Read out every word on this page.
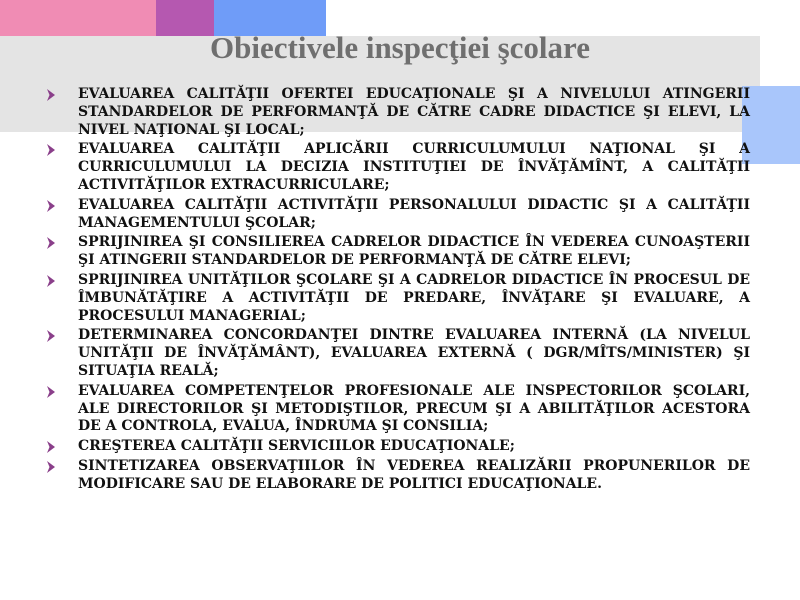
Obiectivele inspecţiei şcolare
EVALUAREA CALITĂŢII OFERTEI EDUCAŢIONALE ŞI A NIVELULUI ATINGERII STANDARDELOR DE PERFORMANŢĂ DE CĂTRE CADRE DIDACTICE ŞI ELEVI, LA NIVEL NAŢIONAL ŞI LOCAL;
EVALUAREA CALITĂŢII APLICĂRII CURRICULUMULUI NAŢIONAL ŞI A CURRICULUMULUI LA DECIZIA INSTITUŢIEI DE ÎNVĂŢĂMÎNT, A CALITĂŢII ACTIVITĂŢILOR EXTRACURRICULARE;
EVALUAREA CALITĂŢII ACTIVITĂŢII PERSONALULUI DIDACTIC ŞI A CALITĂŢII MANAGEMENTULUI ŞCOLAR;
SPRIJINIREA ŞI CONSILIEREA CADRELOR DIDACTICE ÎN VEDEREA CUNOAŞTERII ŞI ATINGERII STANDARDELOR DE PERFORMANŢĂ DE CĂTRE ELEVI;
SPRIJINIREA UNITĂŢILOR ŞCOLARE ŞI A CADRELOR DIDACTICE ÎN PROCESUL DE ÎMBUNĂTĂŢIRE A ACTIVITĂŢII DE PREDARE, ÎNVĂŢARE ŞI EVALUARE, A PROCESULUI MANAGERIAL;
DETERMINAREA CONCORDANŢEI DINTRE EVALUAREA INTERNĂ (LA NIVELUL UNITĂŢII DE ÎNVĂŢĂMÂNT), EVALUAREA EXTERNĂ ( DGR/MÎTS/MINISTER) ŞI SITUAŢIA REALĂ;
EVALUAREA COMPETENŢELOR PROFESIONALE ALE INSPECTORILOR ŞCOLARI, ALE DIRECTORILOR ŞI METODIŞTILOR, PRECUM ŞI A ABILITĂŢILOR ACESTORA DE A CONTROLA, EVALUA, ÎNDRUMA ŞI CONSILIA;
CREŞTEREA CALITĂŢII SERVICIILOR EDUCAŢIONALE;
SINTETIZAREA OBSERVAŢIILOR ÎN VEDEREA REALIZĂRII PROPUNERILOR DE MODIFICARE SAU DE ELABORARE DE POLITICI EDUCAŢIONALE.
